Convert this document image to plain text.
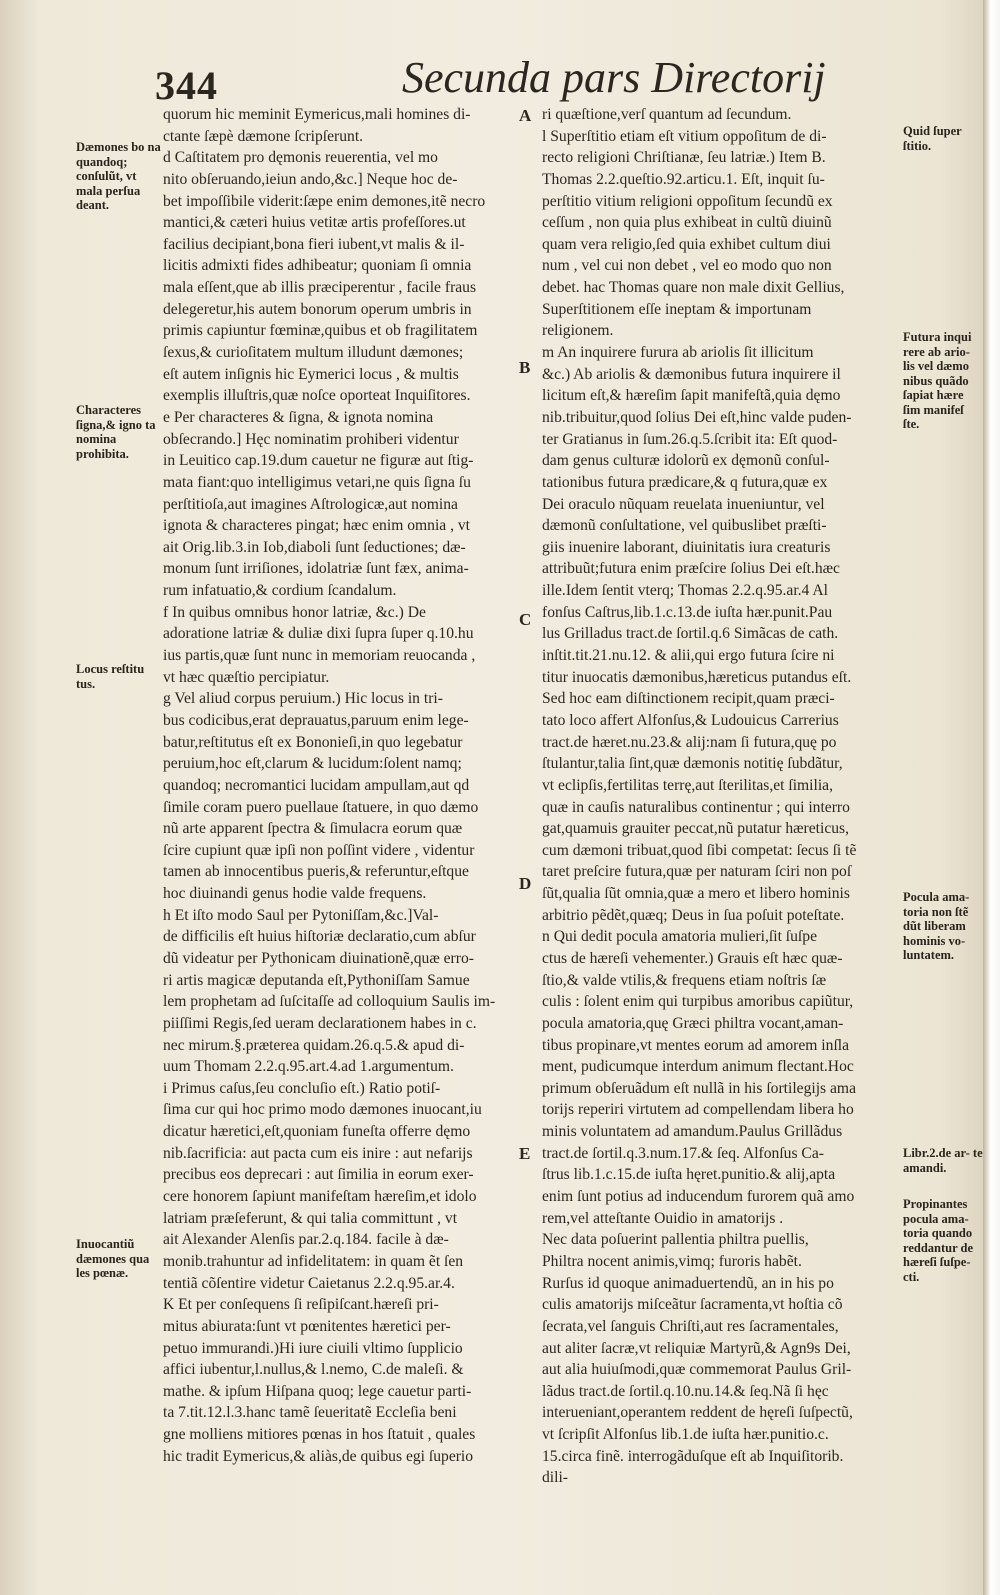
344	Secunda pars Directorij
quorum hic meminit Eymericus,mali homines di-
ctante ſæpè dæmone ſcripſerunt.
d Caſtitatem pro dęmonis reuerentia, vel mo
nito obſeruando,ieiun ando,&c.] Neque hoc de-
bet impoſſibile viderit:ſæpe enim demones,itẽ necro
mantici,& cæteri huius vetitæ artis profeſſores.ut
facilius decipiant,bona fieri iubent,vt malis & il-
licitis admixti fides adhibeatur; quoniam ſi omnia
mala eſſent,que ab illis præciperentur , facile fraus
delegeretur,his autem bonorum operum umbris in
primis capiuntur fœminæ,quibus et ob fragilitatem
ſexus,& curioſitatem multum illudunt dæmones;
eſt autem inſignis hic Eymerici locus , & multis
exemplis illuſtris,quæ noſce oporteat Inquiſitores.
e Per characteres & ſigna, & ignota nomina
obſecrando.] Hęc nominatim prohiberi videntur
in Leuitico cap.19.dum cauetur ne figuræ aut ſtig-
mata fiant:quo intelligimus vetari,ne quis ſigna ſu
perſtitioſa,aut imagines Aſtrologicæ,aut nomina
ignota & characteres pingat; hæc enim omnia , vt
ait Orig.lib.3.in Iob,diaboli ſunt ſeductiones; dæ-
monum ſunt irriſiones, idolatriæ ſunt fæx, anima-
rum infatuatio,& cordium ſcandalum.
f In quibus omnibus honor latriæ, &c.) De
adoratione latriæ & duliæ dixi ſupra ſuper q.10.hu
ius partis,quæ ſunt nunc in memoriam reuocanda ,
vt hæc quæſtio percipiatur.
g Vel aliud corpus peruium.) Hic locus in tri-
bus codicibus,erat deprauatus,paruum enim lege-
batur,reſtitutus eſt ex Bononieſi,in quo legebatur
peruium,hoc eſt,clarum & lucidum:ſolent namq;
quandoq; necromantici lucidam ampullam,aut qd
ſimile coram puero puellaue ſtatuere, in quo dæmo
nũ arte apparent ſpectra & ſimulacra eorum quæ
ſcire cupiunt quæ ipſi non poſſint videre , videntur
tamen ab innocentibus pueris,& referuntur,eſtque
hoc diuinandi genus hodie valde frequens.
h Et iſto modo Saul per Pytoniſſam,&c.]Val-
de difficilis eſt huius hiſtoriæ declaratio,cum abſur
dũ videatur per Pythonicam diuinationẽ,quæ erro-
ri artis magicæ deputanda eſt,Pythoniſſam Samue
lem prophetam ad ſuſcitaſſe ad colloquium Saulis im-
piiſſimi Regis,ſed ueram declarationem habes in c.
nec mirum.§.præterea quidam.26.q.5.& apud di-
uum Thomam 2.2.q.95.art.4.ad 1.argumentum.
i Primus caſus,ſeu concluſio eſt.) Ratio potiſ-
ſima cur qui hoc primo modo dæmones inuocant,iu
dicatur hæretici,eſt,quoniam funeſta offerre dęmo
nib.ſacrificia: aut pacta cum eis inire : aut nefarijs
precibus eos deprecari : aut ſimilia in eorum exer-
cere honorem ſapiunt manifeſtam hæreſim,et idolo
latriam præſeferunt, & qui talia committunt , vt
ait Alexander Alenſis par.2.q.184. facile à dæ-
monib.trahuntur ad infidelitatem: in quam ẽt ſen
tentiã cõſentire videtur Caietanus 2.2.q.95.ar.4.
K Et per conſequens ſi reſipiſcant.hæreſi pri-
mitus abiurata:ſunt vt pœnitentes hæretici per-
petuo immurandi.)Hi iure ciuili vltimo ſupplicio
affici iubentur,l.nullus,& l.nemo, C.de maleſi. &
mathe. & ipſum Hiſpana quoq; lege cauetur parti-
ta 7.tit.12.l.3.hanc tamẽ ſeueritatẽ Eccleſia beni
gne molliens mitiores pœnas in hos ſtatuit , quales
hic tradit Eymericus,& aliàs,de quibus egi ſuperio
ri quæſtione,verſ quantum ad ſecundum.
l Superſtitio etiam eſt vitium oppoſitum de di-
recto religioni Chriſtianæ, ſeu latriæ.) Item B.
Thomas 2.2.queſtio.92.articu.1. Eſt, inquit ſu-
perſtitio vitium religioni oppoſitum ſecundũ ex
ceſſum , non quia plus exhibeat in cultũ diuinũ
quam vera religio,ſed quia exhibet cultum diui
num , vel cui non debet , vel eo modo quo non
debet. hac Thomas quare non male dixit Gellius,
Superſtitionem eſſe ineptam & importunam
religionem.
m An inquirere furura ab ariolis ſit illicitum
&c.) Ab ariolis & dæmonibus futura inquirere il
licitum eſt,& hæreſim ſapit manifeſtã,quia dęmo
nib.tribuitur,quod ſolius Dei eſt,hinc valde puden-
ter Gratianus in ſum.26.q.5.ſcribit ita: Eſt quod-
dam genus culturæ idolorũ ex dęmonũ conſul-
tationibus futura prædicare,& q futura,quæ ex
Dei oraculo nũquam reuelata inueniuntur, vel
dæmonũ conſultatione, vel quibuslibet præſti-
giis inuenire laborant, diuinitatis iura creaturis
attribuũt;futura enim præſcire ſolius Dei eſt.hæc
ille.Idem ſentit vterq; Thomas 2.2.q.95.ar.4 Al
fonſus Caſtrus,lib.1.c.13.de iuſta hær.punit.Pau
lus Grilladus tract.de ſortil.q.6 Simãcas de cath.
inſtit.tit.21.nu.12. & alii,qui ergo futura ſcire ni
titur inuocatis dæmonibus,hæreticus putandus eſt.
Sed hoc eam diſtinctionem recipit,quam præci-
tato loco affert Alfonſus,& Ludouicus Carrerius
tract.de hæret.nu.23.& alij:nam ſi futura,quę po
ſtulantur,talia ſint,quæ dæmonis notitię ſubdãtur,
vt eclipſis,fertilitas terrę,aut ſterilitas,et ſimilia,
quæ in cauſis naturalibus continentur ; qui interro
gat,quamuis grauiter peccat,nũ putatur hæreticus,
cum dæmoni tribuat,quod ſibi competat: ſecus ſi tẽ
taret preſcire futura,quæ per naturam ſciri non poſ
ſũt,qualia ſũt omnia,quæ a mero et libero hominis
arbitrio pẽdẽt,quæq; Deus in ſua poſuit poteſtate.
n Qui dedit pocula amatoria mulieri,ſit ſuſpe
ctus de hæreſi vehementer.) Grauis eſt hæc quæ-
ſtio,& valde vtilis,& frequens etiam noſtris ſæ
culis : ſolent enim qui turpibus amoribus capiũtur,
pocula amatoria,quę Græci philtra vocant,aman-
tibus propinare,vt mentes eorum ad amorem inſla
ment, pudicumque interdum animum flectant.Hoc
primum obſeruãdum eſt nullã in his ſortilegijs ama
torijs reperiri virtutem ad compellendam libera ho
minis voluntatem ad amandum.Paulus Grillãdus
tract.de ſortil.q.3.num.17.& ſeq. Alfonſus Ca-
ſtrus lib.1.c.15.de iuſta hęret.punitio.& alij,apta
enim ſunt potius ad inducendum furorem quã amo
rem,vel atteſtante Ouidio in amatorijs .
Nec data poſuerint pallentia philtra puellis,
Philtra nocent animis,vimq; furoris habẽt.
Rurſus id quoque animaduertendũ, an in his po
culis amatorijs miſceãtur ſacramenta,vt hoſtia cõ
ſecrata,vel ſanguis Chriſti,aut res ſacramentales,
aut aliter ſacræ,vt reliquiæ Martyrũ,& Agn9s Dei,
aut alia huiuſmodi,quæ commemorat Paulus Gril-
lãdus tract.de ſortil.q.10.nu.14.& ſeq.Nã ſi hęc
interueniant,operantem reddent de hęreſi ſuſpectũ,
vt ſcripſit Alfonſus lib.1.de iuſta hær.punitio.c.
15.circa finẽ. interrogãduſque eſt ab Inquiſitorib.
dili-
A
B
C
D
E
Dæmones bo na quandoq; conſulũt, vt mala perſua deant.
Characteres ſigna,& igno ta nomina prohibita.
Locus reſtitu tus.
Inuocantiũ dæmones qua les pœnæ.
Quid ſuper ſtitio.
Futura inqui rere ab ario- lis vel dæmo nibus quãdo ſapiat hære ſim manifeſ ſte.
Pocula ama- toria non ſtẽ dũt liberam hominis vo- luntatem.
Libr.2.de ar- te amandi.
Propinantes pocula ama- toria quando reddantur de hæreſi ſuſpe- cti.
